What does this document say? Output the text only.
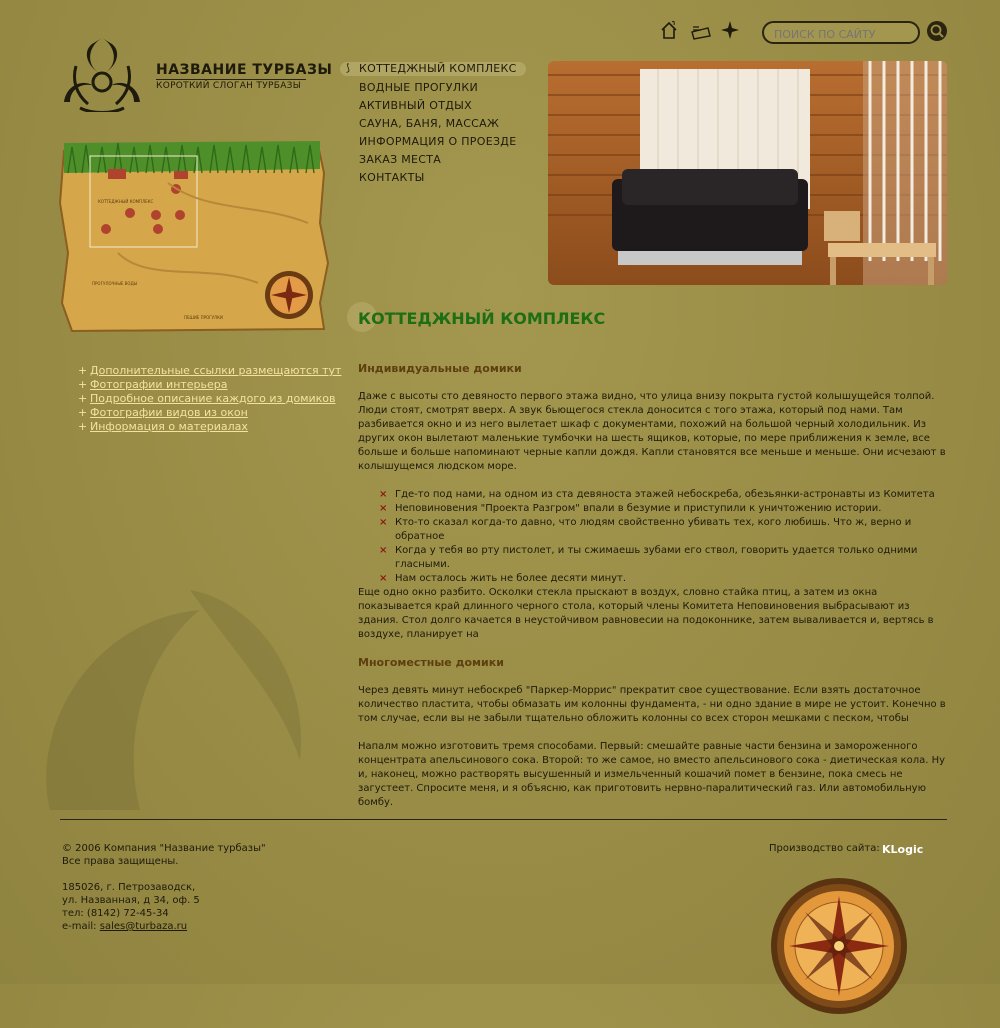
ПОИСК ПО САЙТУ
НАЗВАНИЕ ТУРБАЗЫ
КОРОТКИЙ СЛОГАН ТУРБАЗЫ
⟆ КОТТЕДЖНЫЙ КОМПЛЕКС
ВОДНЫЕ ПРОГУЛКИ
АКТИВНЫЙ ОТДЫХ
САУНА, БАНЯ, МАССАЖ
ИНФОРМАЦИЯ О ПРОЕЗДЕ
ЗАКАЗ МЕСТА
КОНТАКТЫ
КОТТЕДЖНЫЙ КОМПЛЕКС
ПРОГУЛОЧНЫЕ ВОДЫ
ПЕШИЕ ПРОГУЛКИ
+ Дополнительные ссылки размещаются тут
+ Фотографии интерьера
+ Подробное описание каждого из домиков
+ Фотографии видов из окон
+ Информация о материалах
КОТТЕДЖНЫЙ КОМПЛЕКС
Индивидуальные домики
Даже с высоты сто девяносто первого этажа видно, что улица внизу покрыта густой колышущейся толпой. Люди стоят, смотрят вверх. А звук бьющегося стекла доносится с того этажа, который под нами. Там разбивается окно и из него вылетает шкаф с документами, похожий на большой черный холодильник. Из других окон вылетают маленькие тумбочки на шесть ящиков, которые, по мере приближения к земле, все больше и больше напоминают черные капли дождя. Капли становятся все меньше и меньше. Они исчезают в колышущемся людском море.
× Где-то под нами, на одном из ста девяноста этажей небоскреба, обезьянки-астронавты из Комитета
× Неповиновения "Проекта Разгром" впали в безумие и приступили к уничтожению истории.
× Кто-то сказал когда-то давно, что людям свойственно убивать тех, кого любишь. Что ж, верно и обратное
× Когда у тебя во рту пистолет, и ты сжимаешь зубами его ствол, говорить удается только одними гласными.
× Нам осталось жить не более десяти минут.
Еще одно окно разбито. Осколки стекла прыскают в воздух, словно стайка птиц, а затем из окна показывается край длинного черного стола, который члены Комитета Неповиновения выбрасывают из здания. Стол долго качается в неустойчивом равновесии на подоконнике, затем вываливается и, вертясь в воздухе, планирует на
Многоместные домики
Через девять минут небоскреб "Паркер-Моррис" прекратит свое существование. Если взять достаточное количество пластита, чтобы обмазать им колонны фундамента, - ни одно здание в мире не устоит. Конечно в том случае, если вы не забыли тщательно обложить колонны со всех сторон мешками с песком, чтобы
Напалм можно изготовить тремя способами. Первый: смешайте равные части бензина и замороженного концентрата апельсинового сока. Второй: то же самое, но вместо апельсинового сока - диетическая кола. Ну и, наконец, можно растворять высушенный и измельченный кошачий помет в бензине, пока смесь не загустеет. Спросите меня, и я объясню, как приготовить нервно-паралитический газ. Или автомобильную бомбу.
© 2006 Компания "Название турбазы"
Все права защищены.
185026, г. Петрозаводск,
ул. Названная, д 34, оф. 5
тел: (8142) 72-45-34
e-mail: sales@turbaza.ru
Производство сайта: KLogic
